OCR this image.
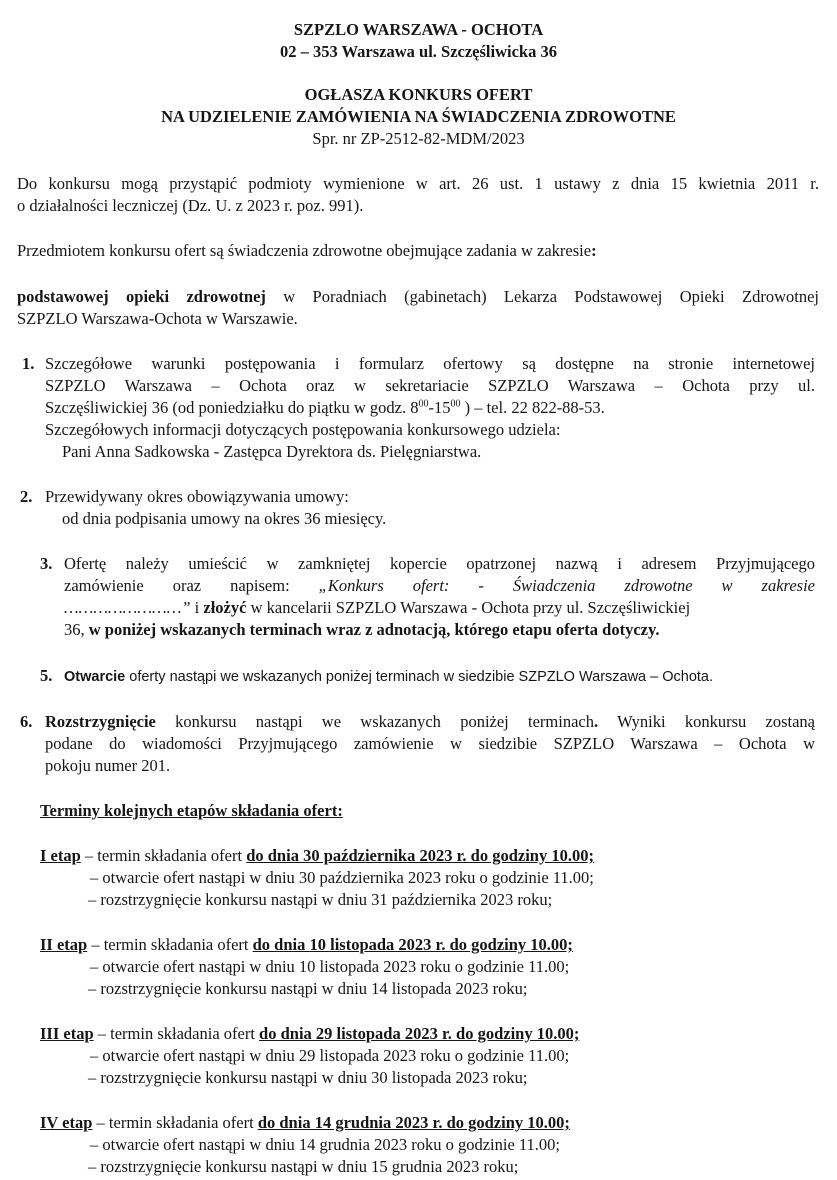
SZPZLO WARSZAWA - OCHOTA
02 – 353 Warszawa ul. Szczęśliwicka 36
OGŁASZA KONKURS OFERT
NA UDZIELENIE ZAMÓWIENIA NA ŚWIADCZENIA ZDROWOTNE
Spr. nr ZP-2512-82-MDM/2023
Do konkursu mogą przystąpić podmioty wymienione w art. 26 ust. 1 ustawy z dnia 15 kwietnia 2011 r.
o działalności leczniczej (Dz. U. z 2023 r. poz. 991).
Przedmiotem konkursu ofert są świadczenia zdrowotne obejmujące zadania w zakresie:
podstawowej opieki zdrowotnej w Poradniach (gabinetach) Lekarza Podstawowej Opieki Zdrowotnej
SZPZLO Warszawa-Ochota w Warszawie.
1. Szczegółowe warunki postępowania i formularz ofertowy są dostępne na stronie internetowej
SZPZLO Warszawa – Ochota oraz w sekretariacie SZPZLO Warszawa – Ochota przy ul.
Szczęśliwickiej 36 (od poniedziałku do piątku w godz. $8^{00}-15^{00}$ ) – tel. 22 822-88-53.
Szczegółowych informacji dotyczących postępowania konkursowego udziela:
Pani Anna Sadkowska - Zastępca Dyrektora ds. Pielęgniarstwa.
2. Przewidywany okres obowiązywania umowy:
od dnia podpisania umowy na okres 36 miesięcy.
3. Ofertę należy umieścić w zamkniętej kopercie opatrzonej nazwą i adresem Przyjmującego
zamówienie oraz napisem: „Konkurs ofert: - Świadczenia zdrowotne w zakresie
……………………” i złożyć w kancelarii SZPZLO Warszawa - Ochota przy ul. Szczęśliwickiej
36, w poniżej wskazanych terminach wraz z adnotacją, którego etapu oferta dotyczy.
5. Otwarcie oferty nastąpi we wskazanych poniżej terminach w siedzibie SZPZLO Warszawa – Ochota.
6. Rozstrzygnięcie konkursu nastąpi we wskazanych poniżej terminach. Wyniki konkursu zostaną
podane do wiadomości Przyjmującego zamówienie w siedzibie SZPZLO Warszawa – Ochota w
pokoju numer 201.
Terminy kolejnych etapów składania ofert:
I etap – termin składania ofert do dnia 30 października 2023 r. do godziny 10.00;
– otwarcie ofert nastąpi w dniu 30 października 2023 roku o godzinie 11.00;
– rozstrzygnięcie konkursu nastąpi w dniu 31 października 2023 roku;
II etap – termin składania ofert do dnia 10 listopada 2023 r. do godziny 10.00;
– otwarcie ofert nastąpi w dniu 10 listopada 2023 roku o godzinie 11.00;
– rozstrzygnięcie konkursu nastąpi w dniu 14 listopada 2023 roku;
III etap – termin składania ofert do dnia 29 listopada 2023 r. do godziny 10.00;
– otwarcie ofert nastąpi w dniu 29 listopada 2023 roku o godzinie 11.00;
– rozstrzygnięcie konkursu nastąpi w dniu 30 listopada 2023 roku;
IV etap – termin składania ofert do dnia 14 grudnia 2023 r. do godziny 10.00;
– otwarcie ofert nastąpi w dniu 14 grudnia 2023 roku o godzinie 11.00;
– rozstrzygnięcie konkursu nastąpi w dniu 15 grudnia 2023 roku;
